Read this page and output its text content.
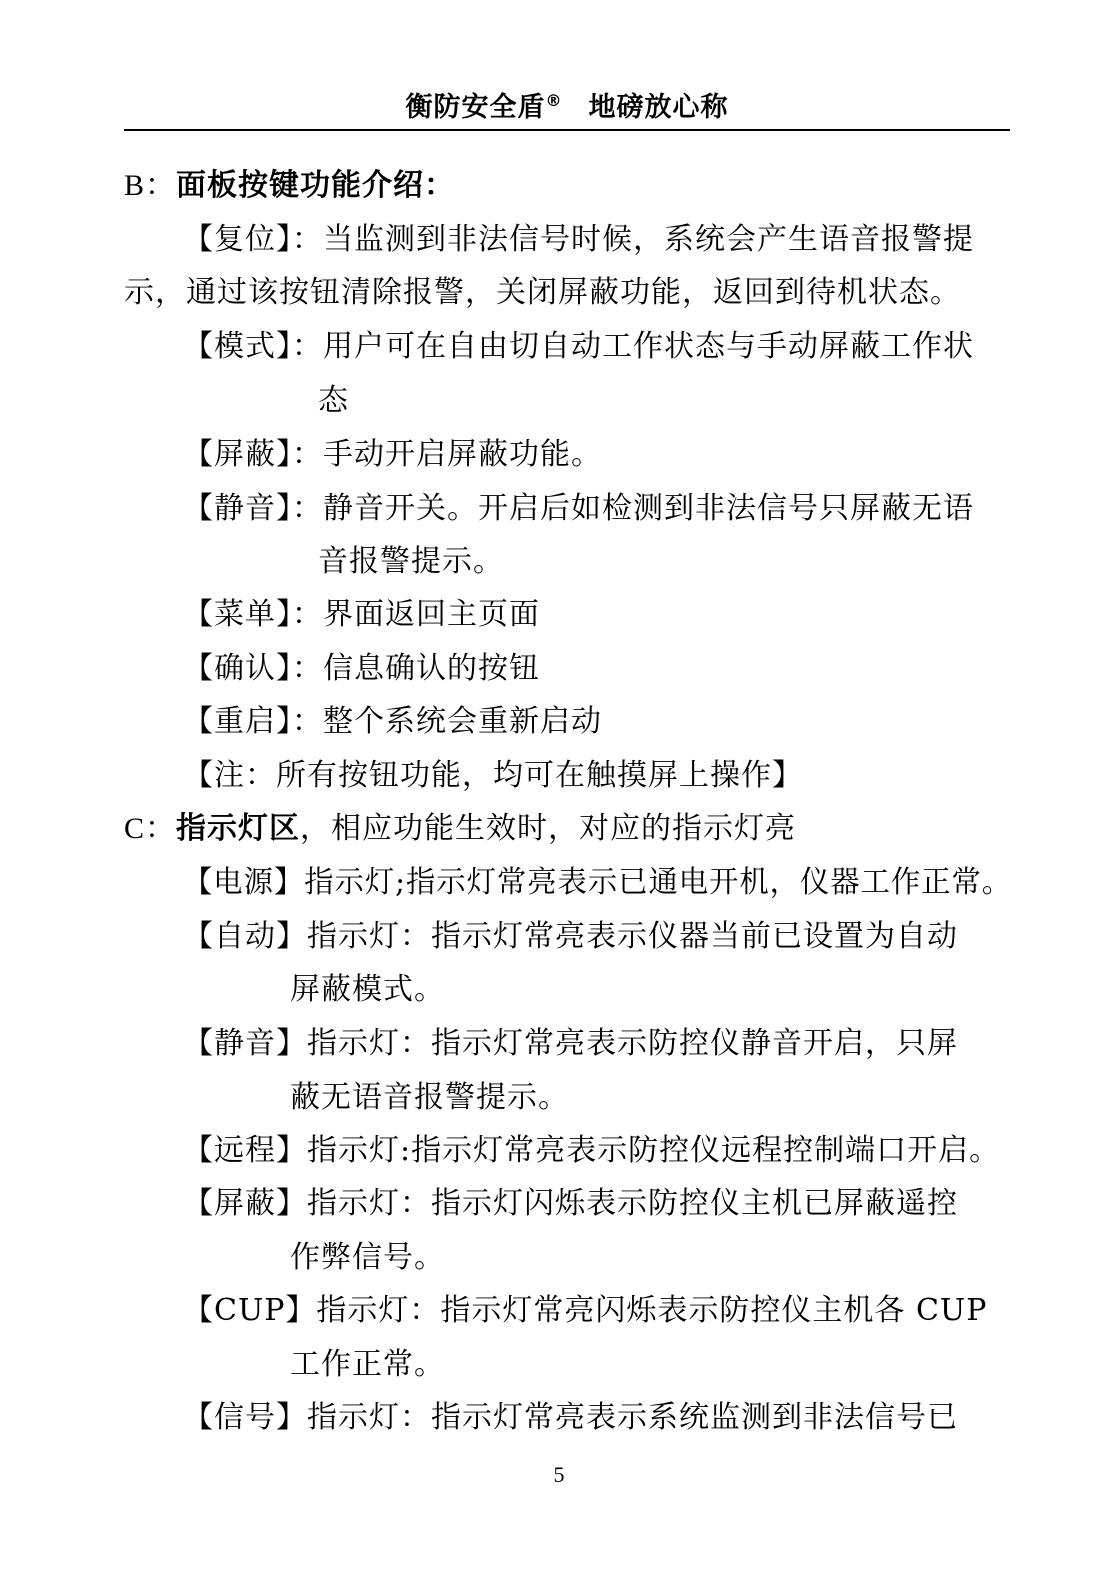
衡防安全盾® 地磅放心称
B：面板按键功能介绍：
【复位】：当监测到非法信号时候，系统会产生语音报警提
示，通过该按钮清除报警，关闭屏蔽功能，返回到待机状态。
【模式】：用户可在自由切自动工作状态与手动屏蔽工作状
态
【屏蔽】：手动开启屏蔽功能。
【静音】：静音开关。开启后如检测到非法信号只屏蔽无语
音报警提示。
【菜单】：界面返回主页面
【确认】：信息确认的按钮
【重启】：整个系统会重新启动
【注：所有按钮功能，均可在触摸屏上操作】
C：指示灯区，相应功能生效时，对应的指示灯亮
【电源】指示灯;指示灯常亮表示已通电开机，仪器工作正常。
【自动】指示灯：指示灯常亮表示仪器当前已设置为自动
屏蔽模式。
【静音】指示灯：指示灯常亮表示防控仪静音开启，只屏
蔽无语音报警提示。
【远程】指示灯:指示灯常亮表示防控仪远程控制端口开启。
【屏蔽】指示灯：指示灯闪烁表示防控仪主机已屏蔽遥控
作弊信号。
【CUP】指示灯：指示灯常亮闪烁表示防控仪主机各 CUP
工作正常。
【信号】指示灯：指示灯常亮表示系统监测到非法信号已
5
